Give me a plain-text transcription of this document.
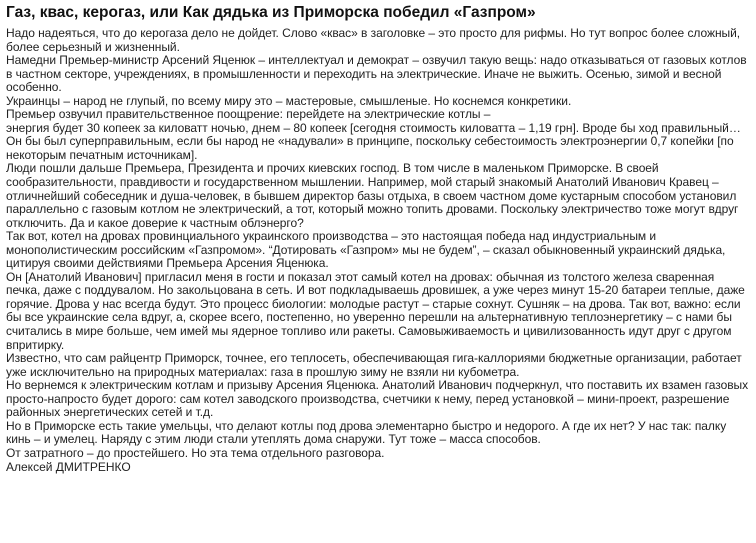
Газ, квас, керогаз, или Как дядька из Приморска победил «Газпром»

Надо надеяться, что до керогаза дело не дойдет. Слово «квас» в заголовке – это просто для рифмы. Но тут вопрос более сложный, более серьезный и жизненный.

Намедни Премьер-министр Арсений Яценюк – интеллектуал и демократ – озвучил такую вещь: надо отказываться от газовых котлов в частном секторе, учреждениях, в промышленности и переходить на электрические. Иначе не выжить. Осенью, зимой и весной особенно.

Украинцы – народ не глупый, по всему миру это – мастеровые, смышленые. Но коснемся конкретики.

Премьер озвучил правительственное поощрение: перейдете на электрические котлы –

энергия будет 30 копеек за киловатт ночью, днем – 80 копеек [сегодня стоимость киловатта – 1,19 грн]. Вроде бы ход правильный… Он бы был суперправильным, если бы народ не «надували» в принципе, поскольку себестоимость электроэнергии 0,7 копейки [по некоторым печатным источникам].

Люди пошли дальше Премьера, Президента и прочих киевских господ. В том числе в маленьком Приморске. В своей сообразительности, правдивости и государственном мышлении. Например, мой старый знакомый Анатолий Иванович Кравец – отличнейший собеседник и душа-человек, в бывшем директор базы отдыха, в своем частном доме кустарным способом установил параллельно с газовым котлом не электрический, а тот, который можно топить дровами. Поскольку электричество тоже могут вдруг отключить. Да и какое доверие к частным облэнерго?

Так вот, котел на дровах провинциального украинского производства – это настоящая победа над индустриальным и монополистическим российским «Газпромом». “Дотировать «Газпром» мы не будем”, – сказал обыкновенный украинский дядька, цитируя своими действиями Премьера Арсения Яценюка.

Он [Анатолий Иванович] пригласил меня в гости и показал этот самый котел на дровах: обычная из толстого железа сваренная печка, даже с поддувалом. Но закольцована в сеть. И вот подкладываешь дровишек, а уже через минут 15-20 батареи теплые, даже горячие. Дрова у нас всегда будут. Это процесс биологии: молодые растут – старые сохнут. Сушняк – на дрова. Так вот, важно: если бы все украинские села вдруг, а, скорее всего, постепенно, но уверенно перешли на альтернативную теплоэнергетику – с нами бы считались в мире больше, чем имей мы ядерное топливо или ракеты. Самовыживаемость и цивилизованность идут друг с другом впритирку.

Известно, что сам райцентр Приморск, точнее, его теплосеть, обеспечивающая гига-каллориями бюджетные организации, работает уже исключительно на природных материалах: газа в прошлую зиму не взяли ни кубометра.

Но вернемся к электрическим котлам и призыву Арсения Яценюка. Анатолий Иванович подчеркнул, что поставить их взамен газовых просто-напросто будет дорого: сам котел заводского производства, счетчики к нему, перед установкой – мини-проект, разрешение районных энергетических сетей и т.д.

Но в Приморске есть такие умельцы, что делают котлы под дрова элементарно быстро и недорого. А где их нет? У нас так: палку кинь – и умелец. Наряду с этим люди стали утеплять дома снаружи. Тут тоже – масса способов.

От затратного – до простейшего. Но эта тема отдельного разговора.

Алексей ДМИТРЕНКО
